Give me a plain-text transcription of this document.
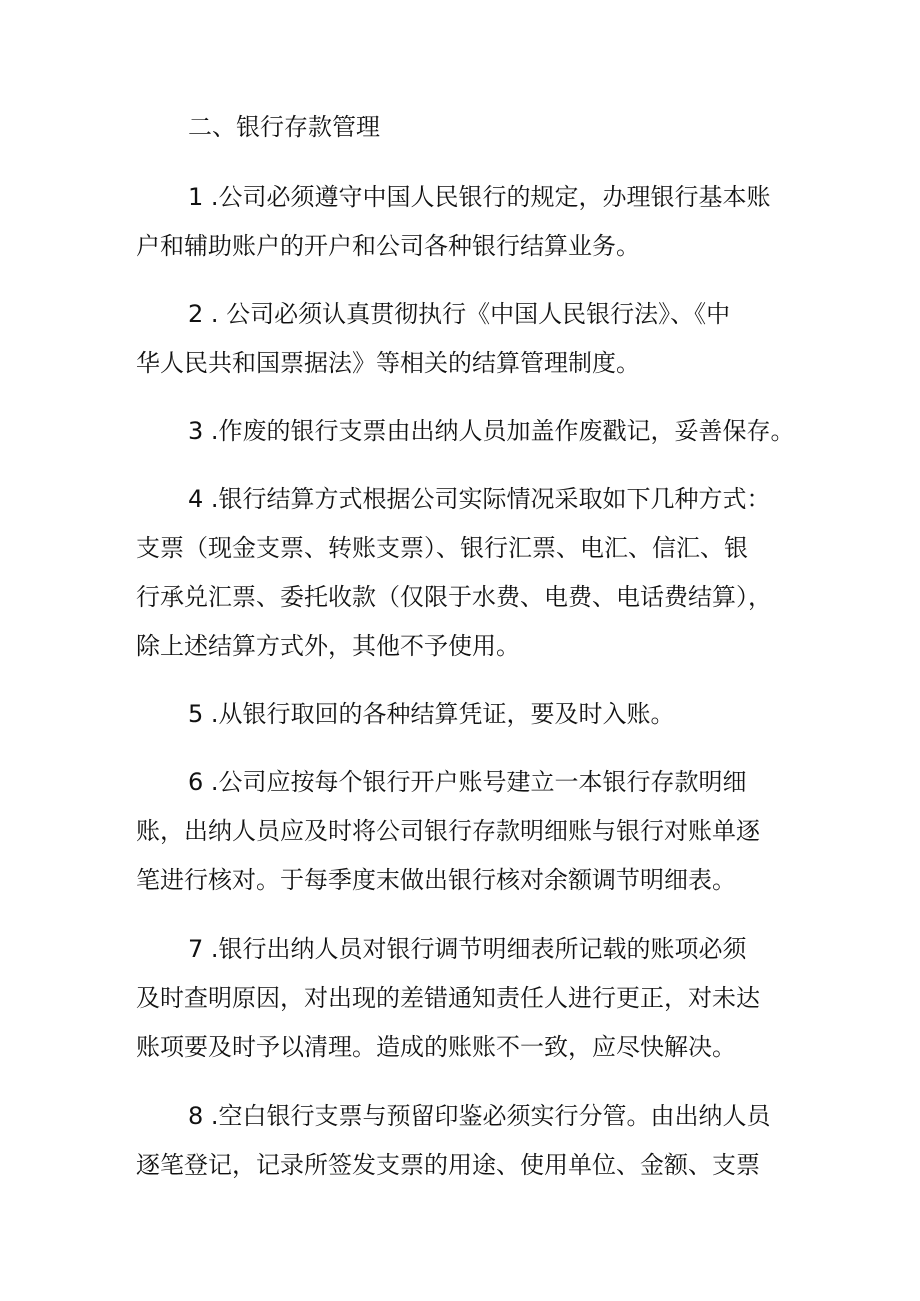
二、银行存款管理
1 .公司必须遵守中国人民银行的规定，办理银行基本账
户和辅助账户的开户和公司各种银行结算业务。
2 . 公司必须认真贯彻执行《中国人民银行法》、《中
华人民共和国票据法》等相关的结算管理制度。
3 .作废的银行支票由出纳人员加盖作废戳记，妥善保存。
4 .银行结算方式根据公司实际情况采取如下几种方式：
支票（现金支票、转账支票）、银行汇票、电汇、信汇、银
行承兑汇票、委托收款（仅限于水费、电费、电话费结算），
除上述结算方式外，其他不予使用。
5 .从银行取回的各种结算凭证，要及时入账。
6 .公司应按每个银行开户账号建立一本银行存款明细
账，出纳人员应及时将公司银行存款明细账与银行对账单逐
笔进行核对。于每季度末做出银行核对余额调节明细表。
7 .银行出纳人员对银行调节明细表所记载的账项必须
及时查明原因，对出现的差错通知责任人进行更正，对未达
账项要及时予以清理。造成的账账不一致，应尽快解决。
8 .空白银行支票与预留印鉴必须实行分管。由出纳人员
逐笔登记，记录所签发支票的用途、使用单位、金额、支票
